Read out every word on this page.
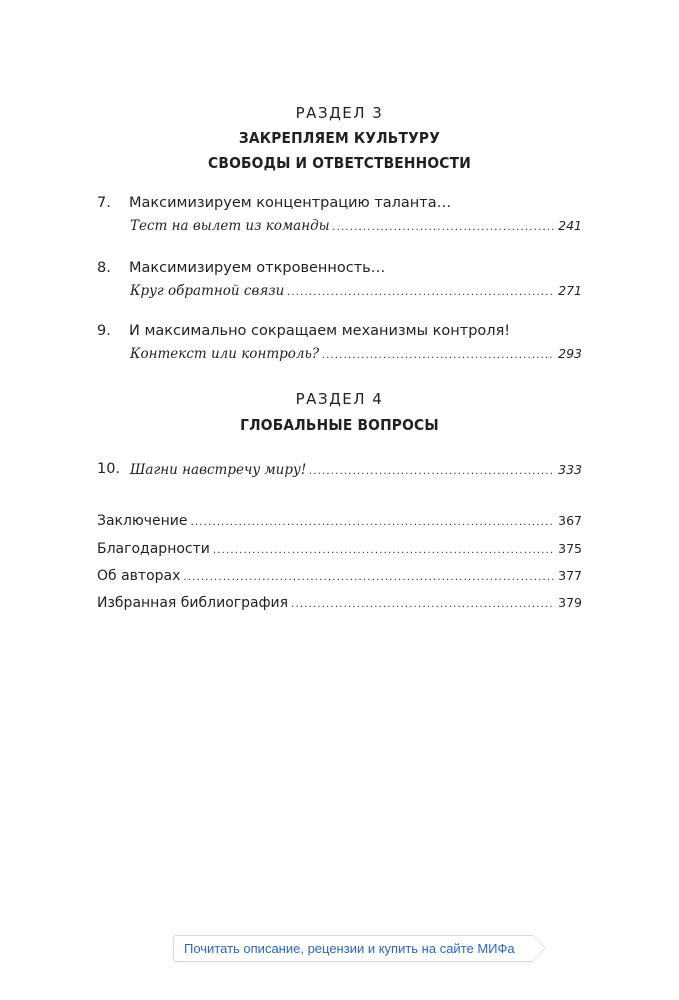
РАЗДЕЛ 3
ЗАКРЕПЛЯЕМ КУЛЬТУРУ
СВОБОДЫ И ОТВЕТСТВЕННОСТИ
7. Максимизируем концентрацию таланта…
Тест на вылет из команды .....	241
8. Максимизируем откровенность…
Круг обратной связи .....	271
9. И максимально сокращаем механизмы контроля!
Контекст или контроль? .....	293
РАЗДЕЛ 4
ГЛОБАЛЬНЫЕ ВОПРОСЫ
10. Шагни навстречу миру! .....	333
Заключение .....	367
Благодарности .....	375
Об авторах .....	377
Избранная библиография .....	379
Почитать описание, рецензии и купить на сайте МИФа
